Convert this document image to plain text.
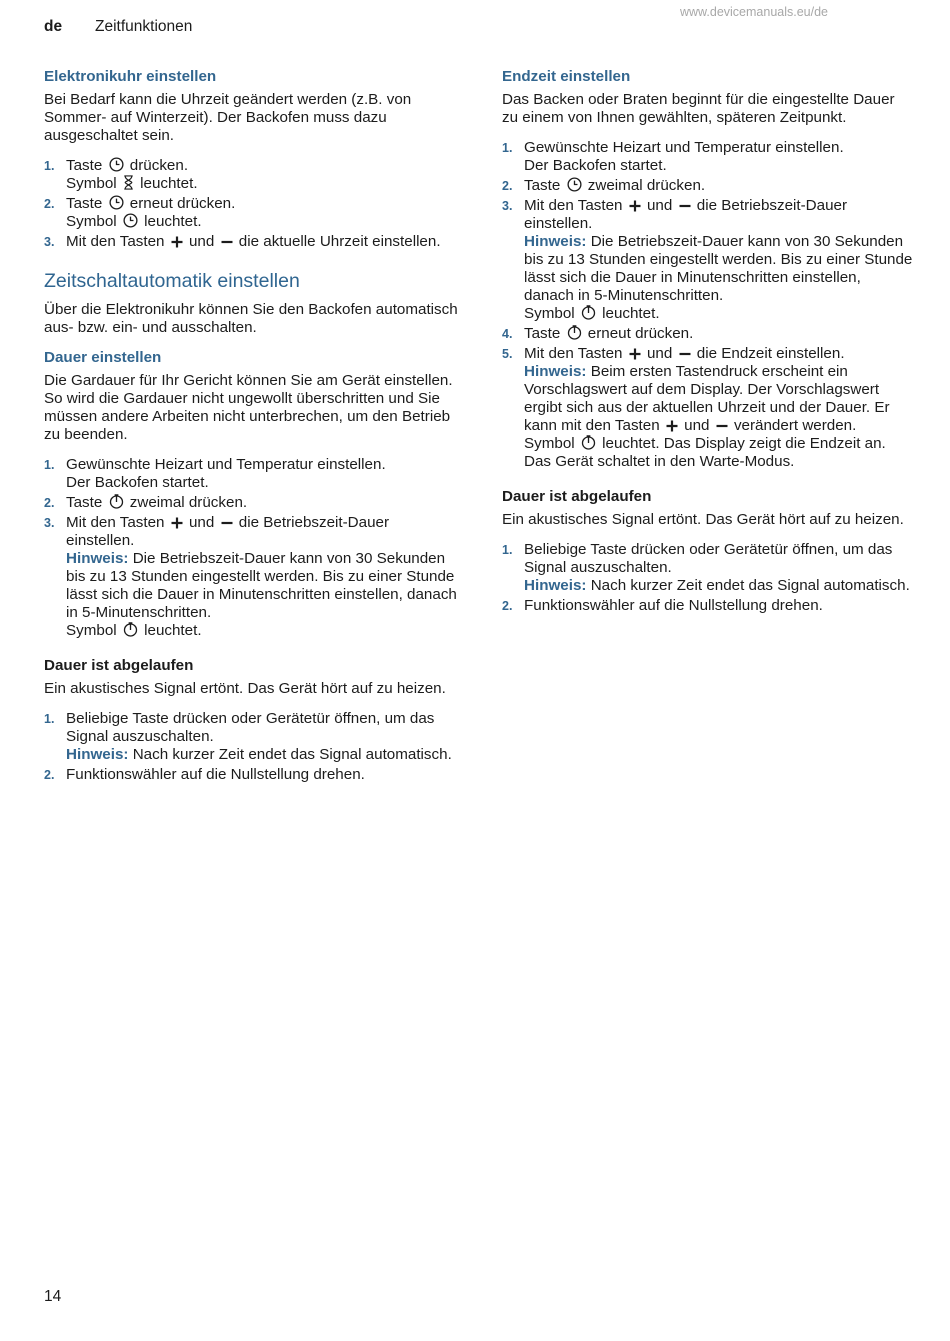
de Zeitfunktionen
www.devicemanuals.eu/de
Elektronikuhr einstellen

Bei Bedarf kann die Uhrzeit geändert werden (z.B. von Sommer- auf Winterzeit). Der Backofen muss dazu ausgeschaltet sein.

1. Taste drücken.
Symbol leuchtet.
2. Taste erneut drücken.
Symbol leuchtet.
3. Mit den Tasten und die aktuelle Uhrzeit einstellen.
Zeitschaltautomatik einstellen

Über die Elektronikuhr können Sie den Backofen automatisch aus- bzw. ein- und ausschalten.

Dauer einstellen

Die Gardauer für Ihr Gericht können Sie am Gerät einstellen. So wird die Gardauer nicht ungewollt überschritten und Sie müssen andere Arbeiten nicht unterbrechen, um den Betrieb zu beenden.

1. Gewünschte Heizart und Temperatur einstellen.
Der Backofen startet.
2. Taste zweimal drücken.
3. Mit den Tasten und die Betriebszeit-Dauer einstellen.
Hinweis: Die Betriebszeit-Dauer kann von 30 Sekunden bis zu 13 Stunden eingestellt werden. Bis zu einer Stunde lässt sich die Dauer in Minutenschritten einstellen, danach in 5-Minutenschritten.
Symbol leuchtet.
Dauer ist abgelaufen

Ein akustisches Signal ertönt. Das Gerät hört auf zu heizen.

1. Beliebige Taste drücken oder Gerätetür öffnen, um das Signal auszuschalten.
Hinweis: Nach kurzer Zeit endet das Signal automatisch.
2. Funktionswähler auf die Nullstellung drehen.
Endzeit einstellen

Das Backen oder Braten beginnt für die eingestellte Dauer zu einem von Ihnen gewählten, späteren Zeitpunkt.

1. Gewünschte Heizart und Temperatur einstellen.
Der Backofen startet.
2. Taste zweimal drücken.
3. Mit den Tasten und die Betriebszeit-Dauer einstellen.
Hinweis: Die Betriebszeit-Dauer kann von 30 Sekunden bis zu 13 Stunden eingestellt werden. Bis zu einer Stunde lässt sich die Dauer in Minutenschritten einstellen, danach in 5-Minutenschritten.
Symbol leuchtet.
4. Taste erneut drücken.
5. Mit den Tasten und die Endzeit einstellen.
Hinweis: Beim ersten Tastendruck erscheint ein Vorschlagswert auf dem Display. Der Vorschlagswert ergibt sich aus der aktuellen Uhrzeit und der Dauer. Er kann mit den Tasten und verändert werden.
Symbol leuchtet. Das Display zeigt die Endzeit an. Das Gerät schaltet in den Warte-Modus.
Dauer ist abgelaufen

Ein akustisches Signal ertönt. Das Gerät hört auf zu heizen.

1. Beliebige Taste drücken oder Gerätetür öffnen, um das Signal auszuschalten.
Hinweis: Nach kurzer Zeit endet das Signal automatisch.
2. Funktionswähler auf die Nullstellung drehen.
14
